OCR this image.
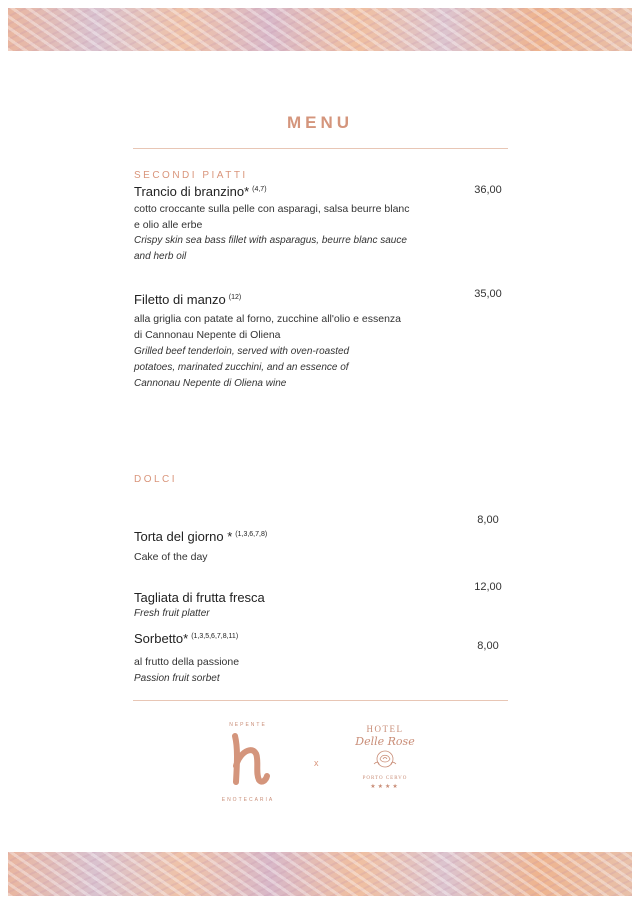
MENU
SECONDI PIATTI
Trancio di branzino* $^{(4,7)}$	36,00
cotto croccante sulla pelle con asparagi, salsa beurre blanc
e olio alle erbe
Crispy skin sea bass fillet with asparagus, beurre blanc sauce
and herb oil
Filetto di manzo $^{(12)}$	35,00
alla griglia con patate al forno, zucchine all'olio e essenza
di Cannonau Nepente di Oliena
Grilled beef tenderloin, served with oven-roasted
potatoes, marinated zucchini, and an essence of
Cannonau Nepente di Oliena wine
DOLCI
8,00
Torta del giorno * $^{(1,3,6,7,8)}$
Cake of the day
12,00
Tagliata di frutta fresca
Fresh fruit platter
Sorbetto* $^{(1,3,5,6,7,8,11)}$
8,00
al frutto della passione
Passion fruit sorbet
NEPENTE
ENOTECARIA
x
HOTEL
Delle Rose
PORTO CERVO
★★★★
